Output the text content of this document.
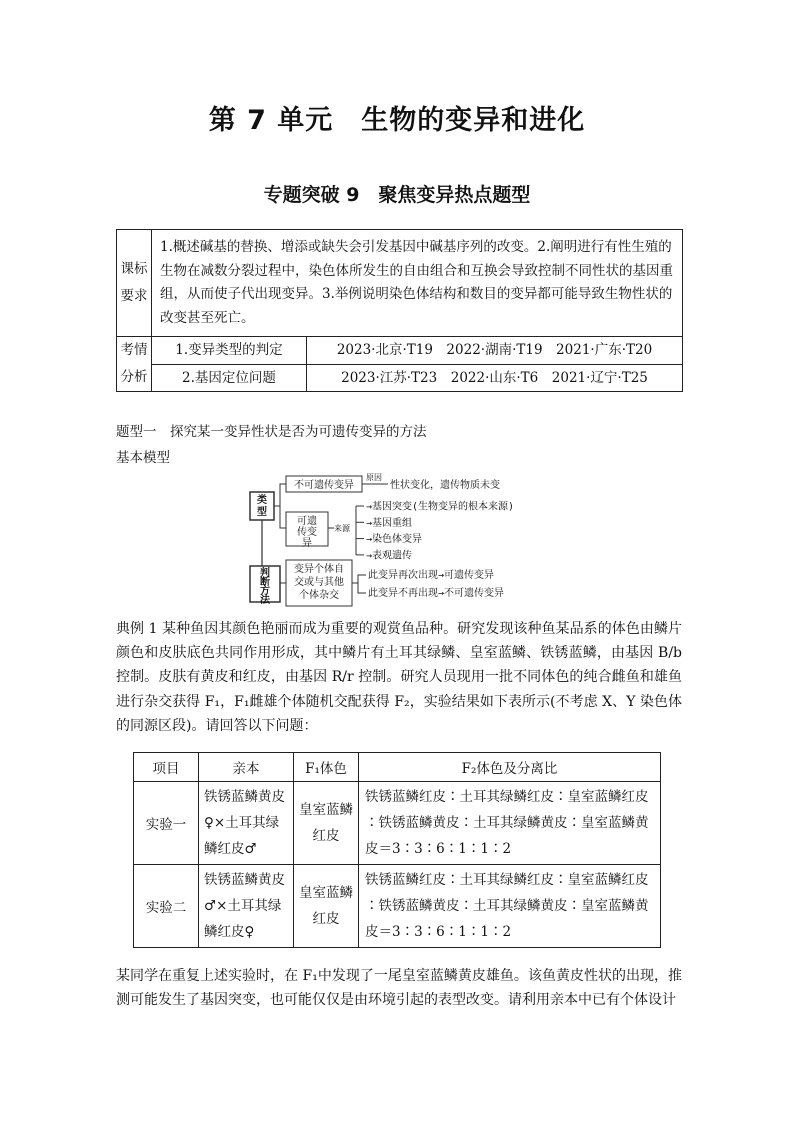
第 7 单元　生物的变异和进化
专题突破 9　聚焦变异热点题型
课标
要求	1.概述碱基的替换、增添或缺失会引发基因中碱基序列的改变。2.阐明进行有性生殖的生物在减数分裂过程中，染色体所发生的自由组合和互换会导致控制不同性状的基因重组，从而使子代出现变异。3.举例说明染色体结构和数目的变异都可能导致生物性状的改变甚至死亡。	

考情
分析	1.变异类型的判定	2023·北京·T19　2022·湖南·T19　2021·广东·T20
	2.基因定位问题	2023·江苏·T23　2022·山东·T6　2021·辽宁·T25
题型一　探究某一变异性状是否为可遗传变异的方法
基本模型
类型
判断方法
不可遗传变异
原因
性状变化，遗传物质未变
可遗传变异
来源
→基因突变(生物变异的根本来源)
→基因重组
→染色体变异
→表观遗传
变异个体自交或与其他个体杂交
此变异再次出现→可遗传变异
此变异不再出现→不可遗传变异
典例 1 某种鱼因其颜色艳丽而成为重要的观赏鱼品种。研究发现该种鱼某品系的体色由鳞片颜色和皮肤底色共同作用形成，其中鳞片有土耳其绿鳞、皇室蓝鳞、铁锈蓝鳞，由基因 B/b 控制。皮肤有黄皮和红皮，由基因 R/r 控制。研究人员现用一批不同体色的纯合雌鱼和雄鱼进行杂交获得 F₁，F₁雌雄个体随机交配获得 F₂，实验结果如下表所示(不考虑 X、Y 染色体的同源区段)。请回答以下问题：
项目	亲本	F₁体色	F₂体色及分离比
实验一	铁锈蓝鳞黄皮♀×土耳其绿鳞红皮♂	皇室蓝鳞红皮	铁锈蓝鳞红皮∶土耳其绿鳞红皮∶皇室蓝鳞红皮∶铁锈蓝鳞黄皮∶土耳其绿鳞黄皮∶皇室蓝鳞黄皮＝3∶3∶6∶1∶1∶2
实验二	铁锈蓝鳞黄皮♂×土耳其绿鳞红皮♀	皇室蓝鳞红皮	铁锈蓝鳞红皮∶土耳其绿鳞红皮∶皇室蓝鳞红皮∶铁锈蓝鳞黄皮∶土耳其绿鳞黄皮∶皇室蓝鳞黄皮＝3∶3∶6∶1∶1∶2
某同学在重复上述实验时，在 F₁中发现了一尾皇室蓝鳞黄皮雄鱼。该鱼黄皮性状的出现，推测可能发生了基因突变，也可能仅仅是由环境引起的表型改变。请利用亲本中已有个体设计
